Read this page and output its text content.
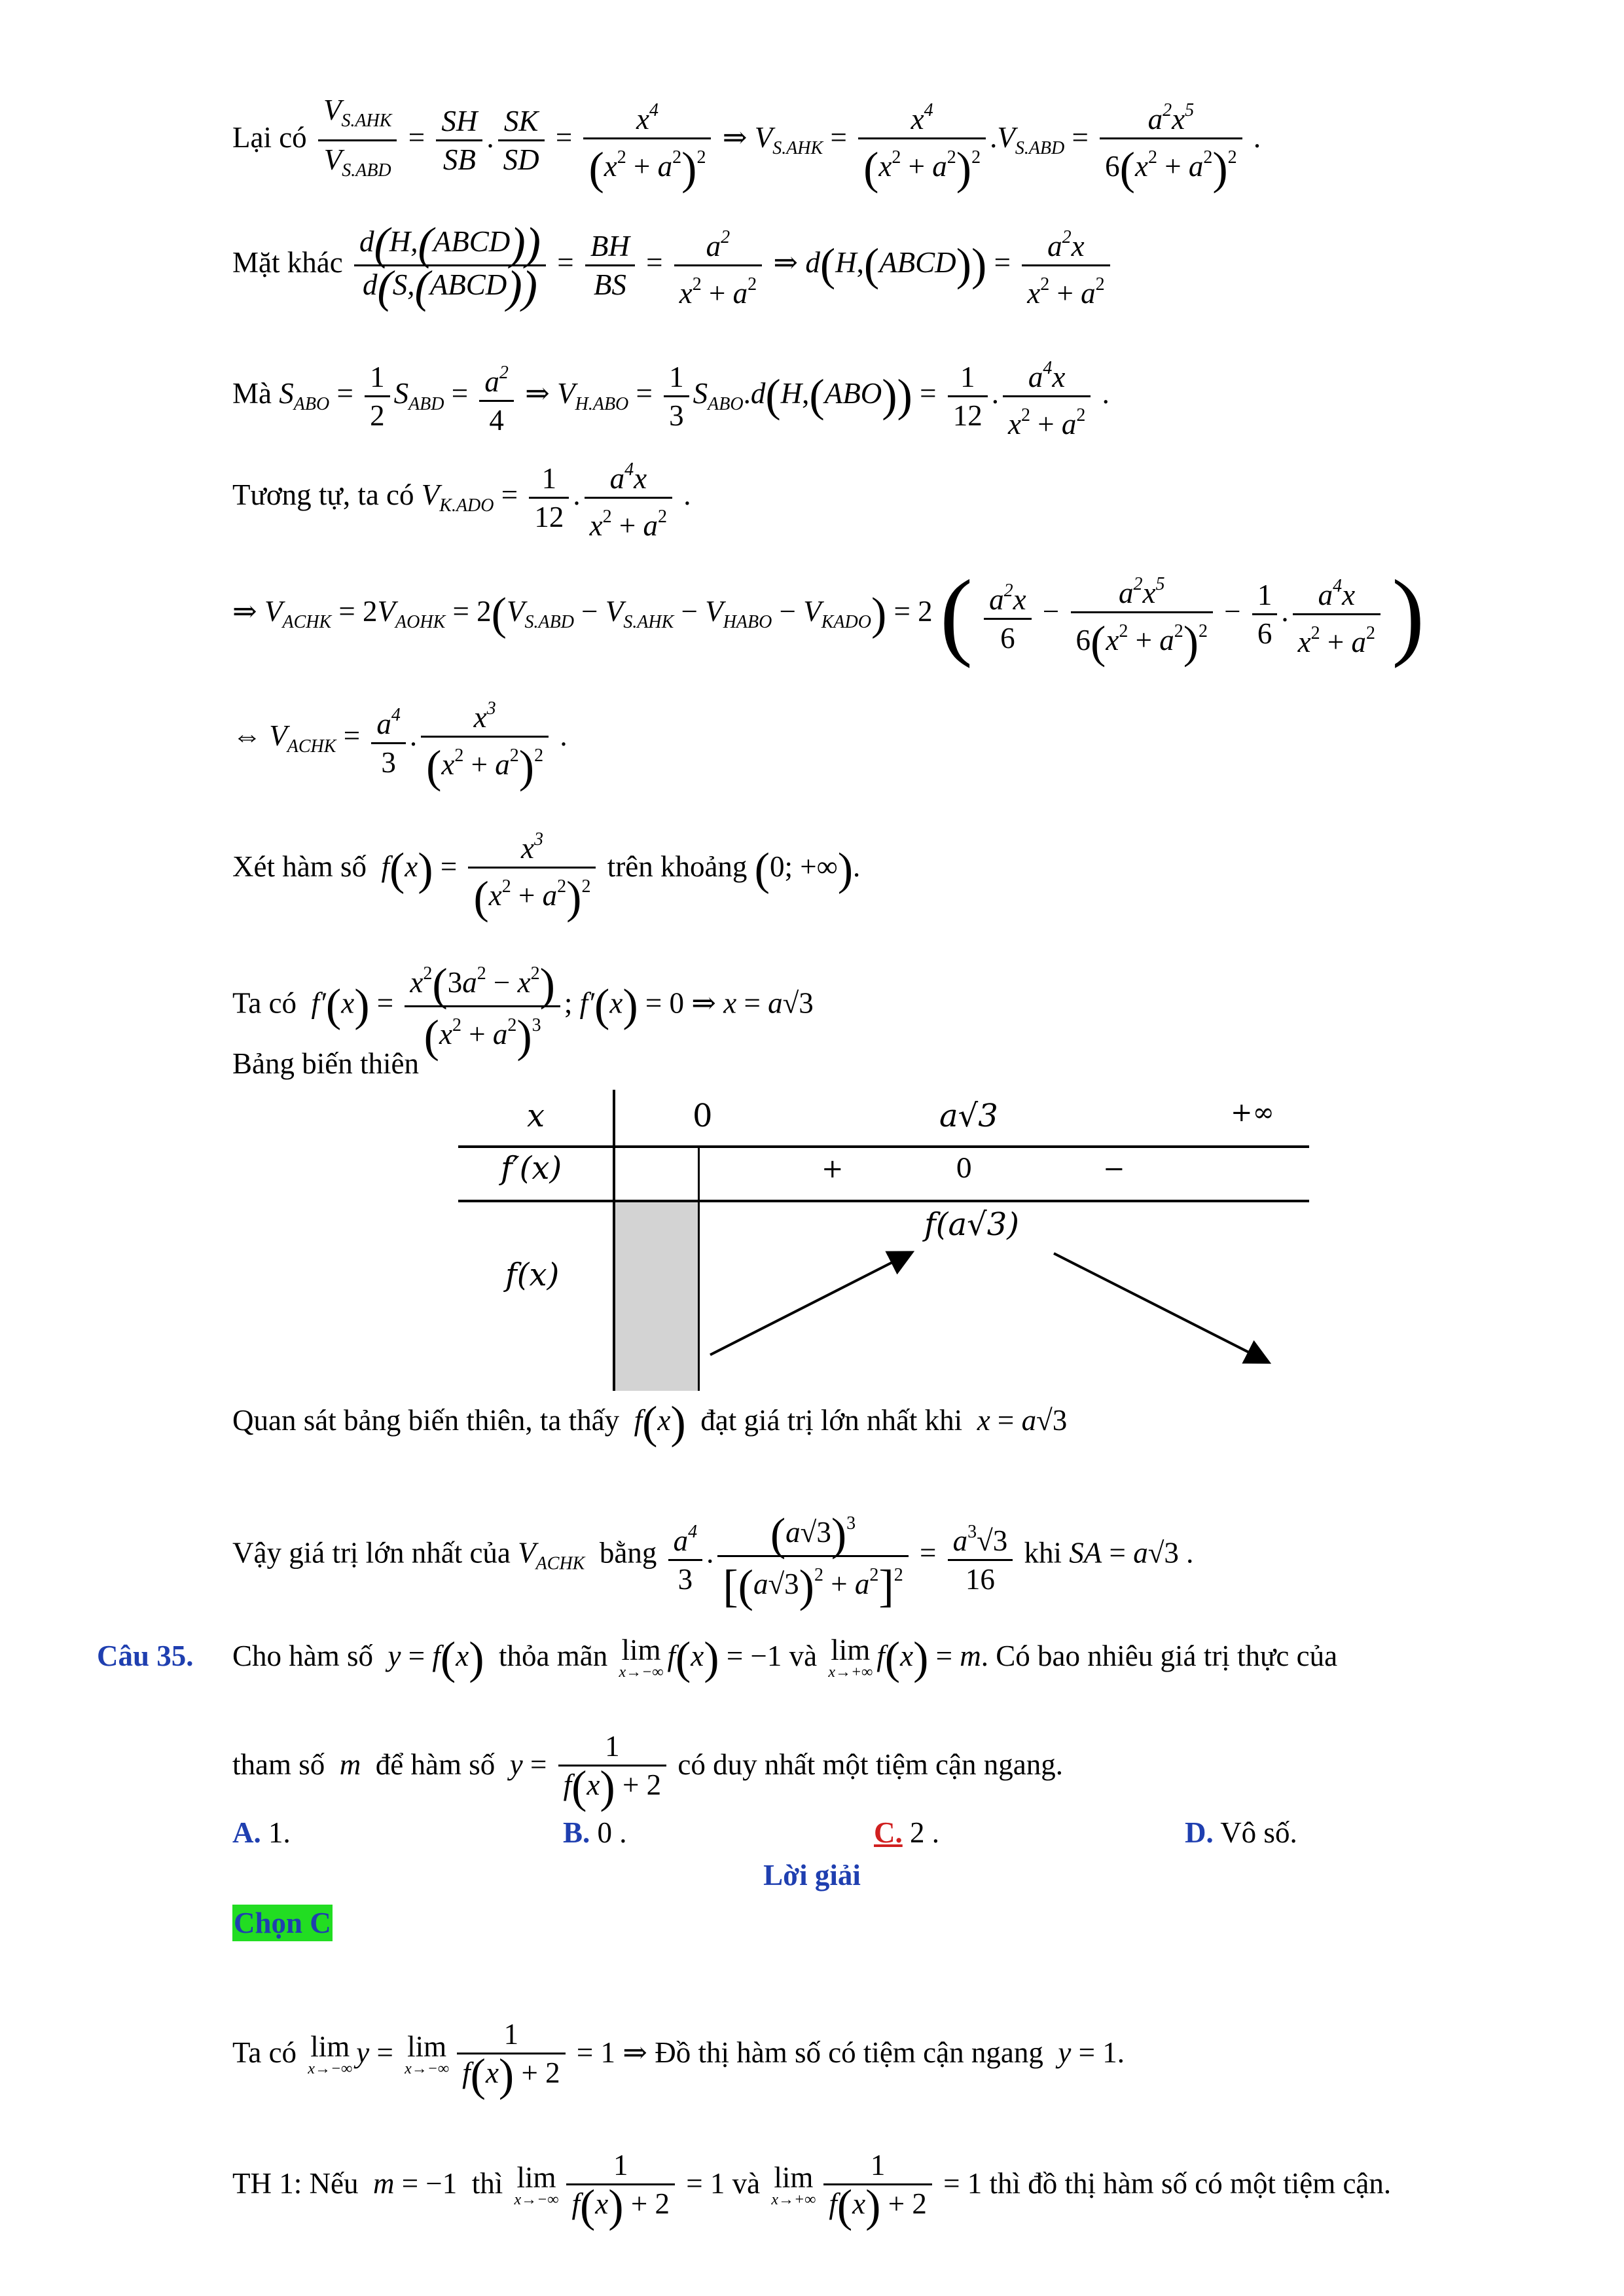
Lại có $\frac{V_{S.AHK}}{V_{S.ABD}} = \frac{SH}{SB}$ . $\frac{SK}{SD} = \frac{x^4}{(x^2 + a^2)^2}$ ⇒ $V_{S.AHK} = \frac{x^4}{(x^2 + a^2)^2} .V_{S.ABD} = \frac{a^2x^5}{6(x^2 + a^2)^2}$ .
Mặt khác $\frac{\text{d(H,(ABCD))}}{\text{d(S,(ABCD))}} = \frac{BH}{BS} = \frac{a^2}{x^2 + a^2}$ ⇒ d(H,(ABCD)) = $\frac{a^2x}{x^2 + a^2}$
Mà $S_{ABO} = \frac{1}{2} S_{ABD} = \frac{a^2}{4}$ ⇒ $V_{H.ABO} = \frac{1}{3} S_{ABO}.d(H,(ABO)) = \frac{1}{12}$ . $\frac{a^4x}{x^2 + a^2}$ .
Tương tự, ta có $V_{K.ADO} = \frac{1}{12}$ . $\frac{a^4x}{x^2 + a^2}$ .
⇒ $V_{ACHK} = 2V_{AOHK} = 2(V_{S.ABD} - V_{S.AHK} - V_{HABO} - V_{KADO}) = 2$ ( $\frac{a^2x}{6} - \frac{a^2x^5}{6(x^2 + a^2)^2} - \frac{1}{6}$ . $\frac{a^4x}{x^2 + a^2}$ )
⇔ $V_{ACHK} = \frac{a^4}{3}$ . $\frac{x^3}{(x^2 + a^2)^2}$ .
Xét hàm số $f(x) = \frac{x^3}{(x^2 + a^2)^2}$ trên khoảng (0; +∞).
Ta có $f'(x) = \frac{x^2(3a^2 - x^2)}{(x^2 + a^2)^3}$ ; f′(x) = 0 ⇒ x = a√3
Bảng biến thiên
x	0	a√3	+∞
f′(x)	+	0	−
f(x)
f(a√3)
Quan sát bảng biến thiên, ta thấy f(x) đạt giá trị lớn nhất khi x = a√3
Vậy giá trị lớn nhất của $V_{ACHK}$ bằng $\frac{a^4}{3}$ . $\frac{(a√3)^3}{[(a√3)^2 + a^2]^2} = \frac{a^3√3}{16}$ khi SA = a√3 .
Câu 35. Cho hàm số y = f(x) thỏa mãn lim
x→−∞ f(x) = −1 và lim
x→+∞ f(x) = m. Có bao nhiêu giá trị thực của
tham số m để hàm số $y = \frac{1}{f(x) + 2}$ có duy nhất một tiệm cận ngang.
A. 1.	B. 0 .	C. 2 .	D. Vô số.
Lời giải
Chọn C
Ta có lim
x→−∞ y = lim
$x\to-\infty \frac{1}{f(x) + 2} = 1$ ⇒ Đồ thị hàm số có tiệm cận ngang y = 1.
TH 1: Nếu m = −1  thì lim
$x\to-\infty \frac{1}{f(x) + 2} = 1$ và lim
$x\to+\infty \frac{1}{f(x) + 2} = 1$ thì đồ thị hàm số có một tiệm cận.
